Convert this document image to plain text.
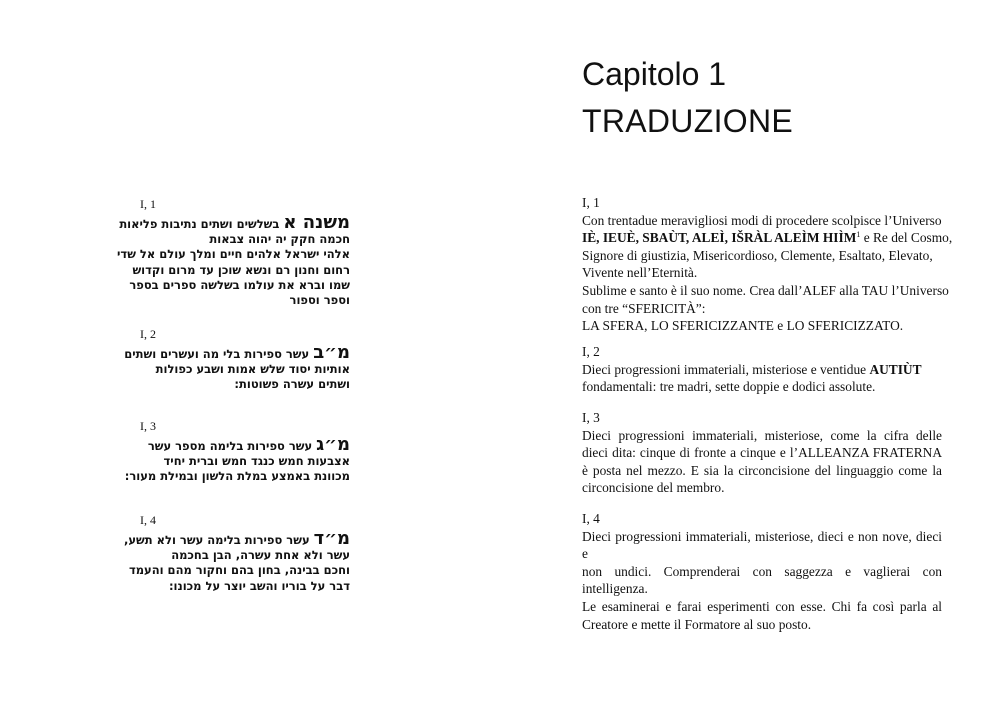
I, 1
משנה אבשלשים ושתים נתיבות פליאות
חכמה חקק יה יהוה צבאות
אלהי ישראל אלהים חיים ומלך עולם אל שדי
רחום וחנון רם ונשא שוכן עד מרום וקדוש
שמו וברא את עולמו בשלשה ספרים בספר
וספר וספור
I, 2
מ״בעשר ספירות בלי מה ועשרים ושתים
אותיות יסוד שלש אמות ושבע כפולות
ושתים עשרה פשוטות:
I, 3
מ״געשר ספירות בלימה מספר עשר
אצבעות חמש כנגד חמש וברית יחיד
מכוונת באמצע במלת הלשון ובמילת מעור:
I, 4
מ״דעשר ספירות בלימה עשר ולא תשע,
עשר ולא אחת עשרה, הבן בחכמה
וחכם בבינה, בחון בהם וחקור מהם והעמד
דבר על בוריו והשב יוצר על מכונו:
Capitolo 1
TRADUZIONE
I, 1
Con trentadue meravigliosi modi di procedere scolpisce l’Universo
IÈ, IEUÈ, SBAÙT, ALEÌ, IŠRÀL ALEÌM HIÌM$^1$ e Re del Cosmo,
Signore di giustizia, Misericordioso, Clemente, Esaltato, Elevato,
Vivente nell’Eternità.
Sublime e santo è il suo nome. Crea dall’ALEF alla TAU l’Universo
con tre “SFERICITÀ”:
LA SFERA, LO SFERICIZZANTE e LO SFERICIZZATO.
I, 2
Dieci progressioni immateriali, misteriose e ventidue AUTIÙT
fondamentali: tre madri, sette doppie e dodici assolute.
I, 3
Dieci progressioni immateriali, misteriose, come la cifra delle
dieci dita: cinque di fronte a cinque e l’ALLEANZA FRATERNA
è posta nel mezzo. E sia la circoncisione del linguaggio come la
circoncisione del membro.
I, 4
Dieci progressioni immateriali, misteriose, dieci e non nove, dieci e
non undici. Comprenderai con saggezza e vaglierai con intelligenza.
Le esaminerai e farai esperimenti con esse. Chi fa così parla al
Creatore e mette il Formatore al suo posto.
